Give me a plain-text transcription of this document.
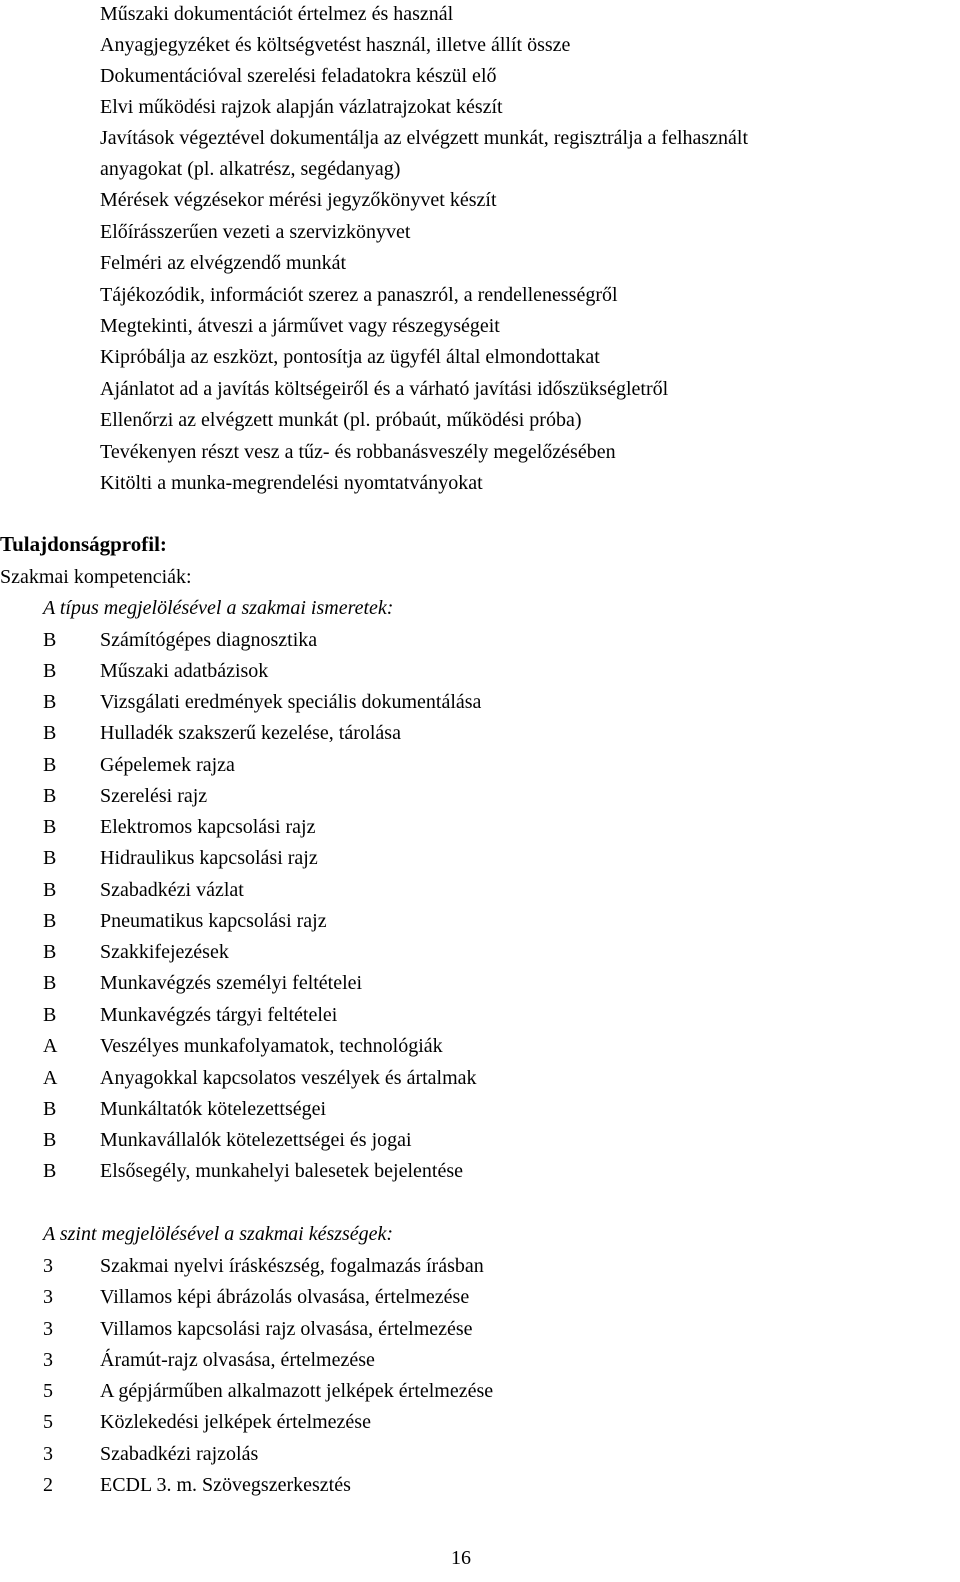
Műszaki dokumentációt értelmez és használ
Anyagjegyzéket és költségvetést használ, illetve állít össze
Dokumentációval szerelési feladatokra készül elő
Elvi működési rajzok alapján vázlatrajzokat készít
Javítások végeztével dokumentálja az elvégzett munkát, regisztrálja a felhasznált
anyagokat (pl. alkatrész, segédanyag)
Mérések végzésekor mérési jegyzőkönyvet készít
Előírásszerűen vezeti a szervizkönyvet
Felméri az elvégzendő munkát
Tájékozódik, információt szerez a panaszról, a rendellenességről
Megtekinti, átveszi a járművet vagy részegységeit
Kipróbálja az eszközt, pontosítja az ügyfél által elmondottakat
Ajánlatot ad a javítás költségeiről és a várható javítási időszükségletről
Ellenőrzi az elvégzett munkát (pl. próbaút, működési próba)
Tevékenyen részt vesz a tűz- és robbanásveszély megelőzésében
Kitölti a munka-megrendelési nyomtatványokat
Tulajdonságprofil:
Szakmai kompetenciák:
A típus megjelölésével a szakmai ismeretek:
B	Számítógépes diagnosztika
B	Műszaki adatbázisok
B	Vizsgálati eredmények speciális dokumentálása
B	Hulladék szakszerű kezelése, tárolása
B	Gépelemek rajza
B	Szerelési rajz
B	Elektromos kapcsolási rajz
B	Hidraulikus kapcsolási rajz
B	Szabadkézi vázlat
B	Pneumatikus kapcsolási rajz
B	Szakkifejezések
B	Munkavégzés személyi feltételei
B	Munkavégzés tárgyi feltételei
A	Veszélyes munkafolyamatok, technológiák
A	Anyagokkal kapcsolatos veszélyek és ártalmak
B	Munkáltatók kötelezettségei
B	Munkavállalók kötelezettségei és jogai
B	Elsősegély, munkahelyi balesetek bejelentése
A szint megjelölésével a szakmai készségek:
3	Szakmai nyelvi íráskészség, fogalmazás írásban
3	Villamos képi ábrázolás olvasása, értelmezése
3	Villamos kapcsolási rajz olvasása, értelmezése
3	Áramút-rajz olvasása, értelmezése
5	A gépjárműben alkalmazott jelképek értelmezése
5	Közlekedési jelképek értelmezése
3	Szabadkézi rajzolás
2	ECDL 3. m. Szövegszerkesztés
16
